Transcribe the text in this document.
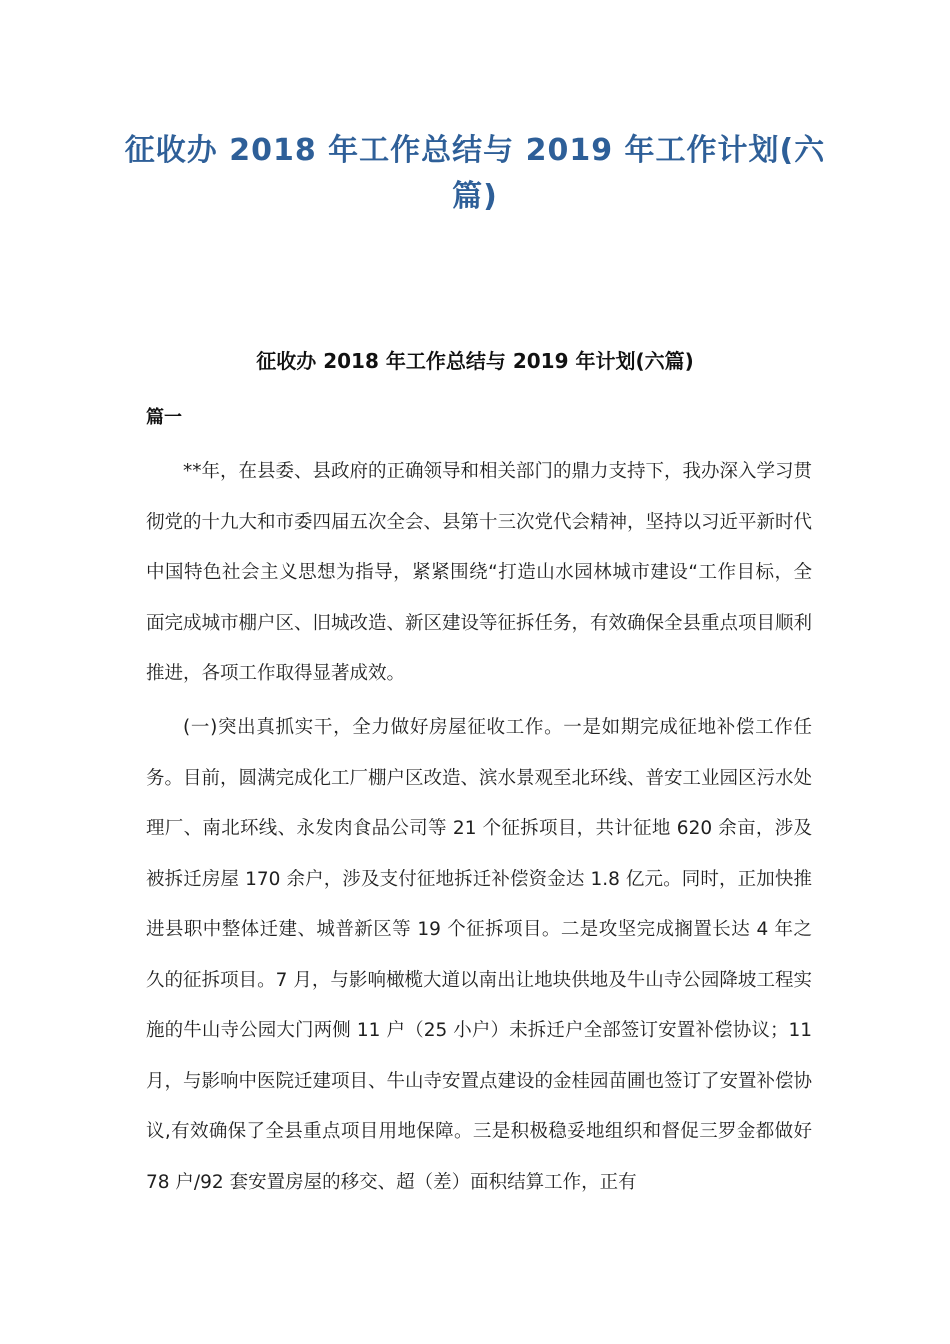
征收办 2018 年工作总结与 2019 年工作计划(六篇)
征收办 2018 年工作总结与 2019 年计划(六篇)
篇一

**年，在县委、县政府的正确领导和相关部门的鼎力支持下，我办深入学习贯彻党的十九大和市委四届五次全会、县第十三次党代会精神，坚持以习近平新时代中国特色社会主义思想为指导，紧紧围绕“打造山水园林城市建设“工作目标，全面完成城市棚户区、旧城改造、新区建设等征拆任务，有效确保全县重点项目顺利推进，各项工作取得显著成效。

(一)突出真抓实干，全力做好房屋征收工作。一是如期完成征地补偿工作任务。目前，圆满完成化工厂棚户区改造、滨水景观至北环线、普安工业园区污水处理厂、南北环线、永发肉食品公司等 21 个征拆项目，共计征地 620 余亩，涉及被拆迁房屋 170 余户，涉及支付征地拆迁补偿资金达 1.8 亿元。同时，正加快推进县职中整体迁建、城普新区等 19 个征拆项目。二是攻坚完成搁置长达 4 年之久的征拆项目。7 月，与影响橄榄大道以南出让地块供地及牛山寺公园降坡工程实施的牛山寺公园大门两侧 11 户（25 小户）未拆迁户全部签订安置补偿协议；11 月，与影响中医院迁建项目、牛山寺安置点建设的金桂园苗圃也签订了安置补偿协议,有效确保了全县重点项目用地保障。三是积极稳妥地组织和督促三罗金都做好 78 户/92 套安置房屋的移交、超（差）面积结算工作，正有
